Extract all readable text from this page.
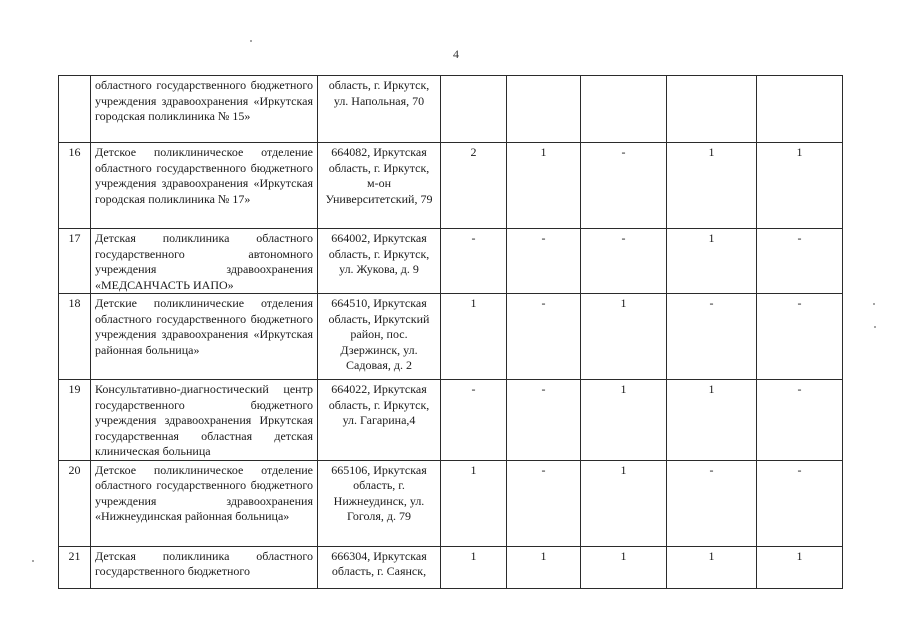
4
	областного государственного бюджетного учреждения здравоохранения «Иркутская городская поликлиника № 15»	область, г. Иркутск, ул. Напольная, 70					
16	Детское поликлиническое отделение областного государственного бюджетного учреждения здравоохранения «Иркутская городская поликлиника № 17»	664082, Иркутская область, г. Иркутск, м-он Университетский, 79	2	1	-	1	1
17	Детская поликлиника областного государственного автономного учреждения здравоохранения «МЕДСАНЧАСТЬ ИАПО»	664002, Иркутская область, г. Иркутск, ул. Жукова, д. 9	-	-	-	1	-
18	Детские поликлинические отделения областного государственного бюджетного учреждения здравоохранения «Иркутская районная больница»	664510, Иркутская область, Иркутский район, пос. Дзержинск, ул. Садовая, д. 2	1	-	1	-	-
19	Консультативно-диагностический центр государственного бюджетного учреждения здравоохранения Иркутская государственная областная детская клиническая больница	664022, Иркутская область, г. Иркутск, ул. Гагарина,4	-	-	1	1	-
20	Детское поликлиническое отделение областного государственного бюджетного учреждения здравоохранения «Нижнеудинская районная больница»	665106, Иркутская область, г. Нижнеудинск, ул. Гоголя, д. 79	1	-	1	-	-
21	Детская поликлиника областного государственного бюджетного	666304, Иркутская область, г. Саянск,	1	1	1	1	1
